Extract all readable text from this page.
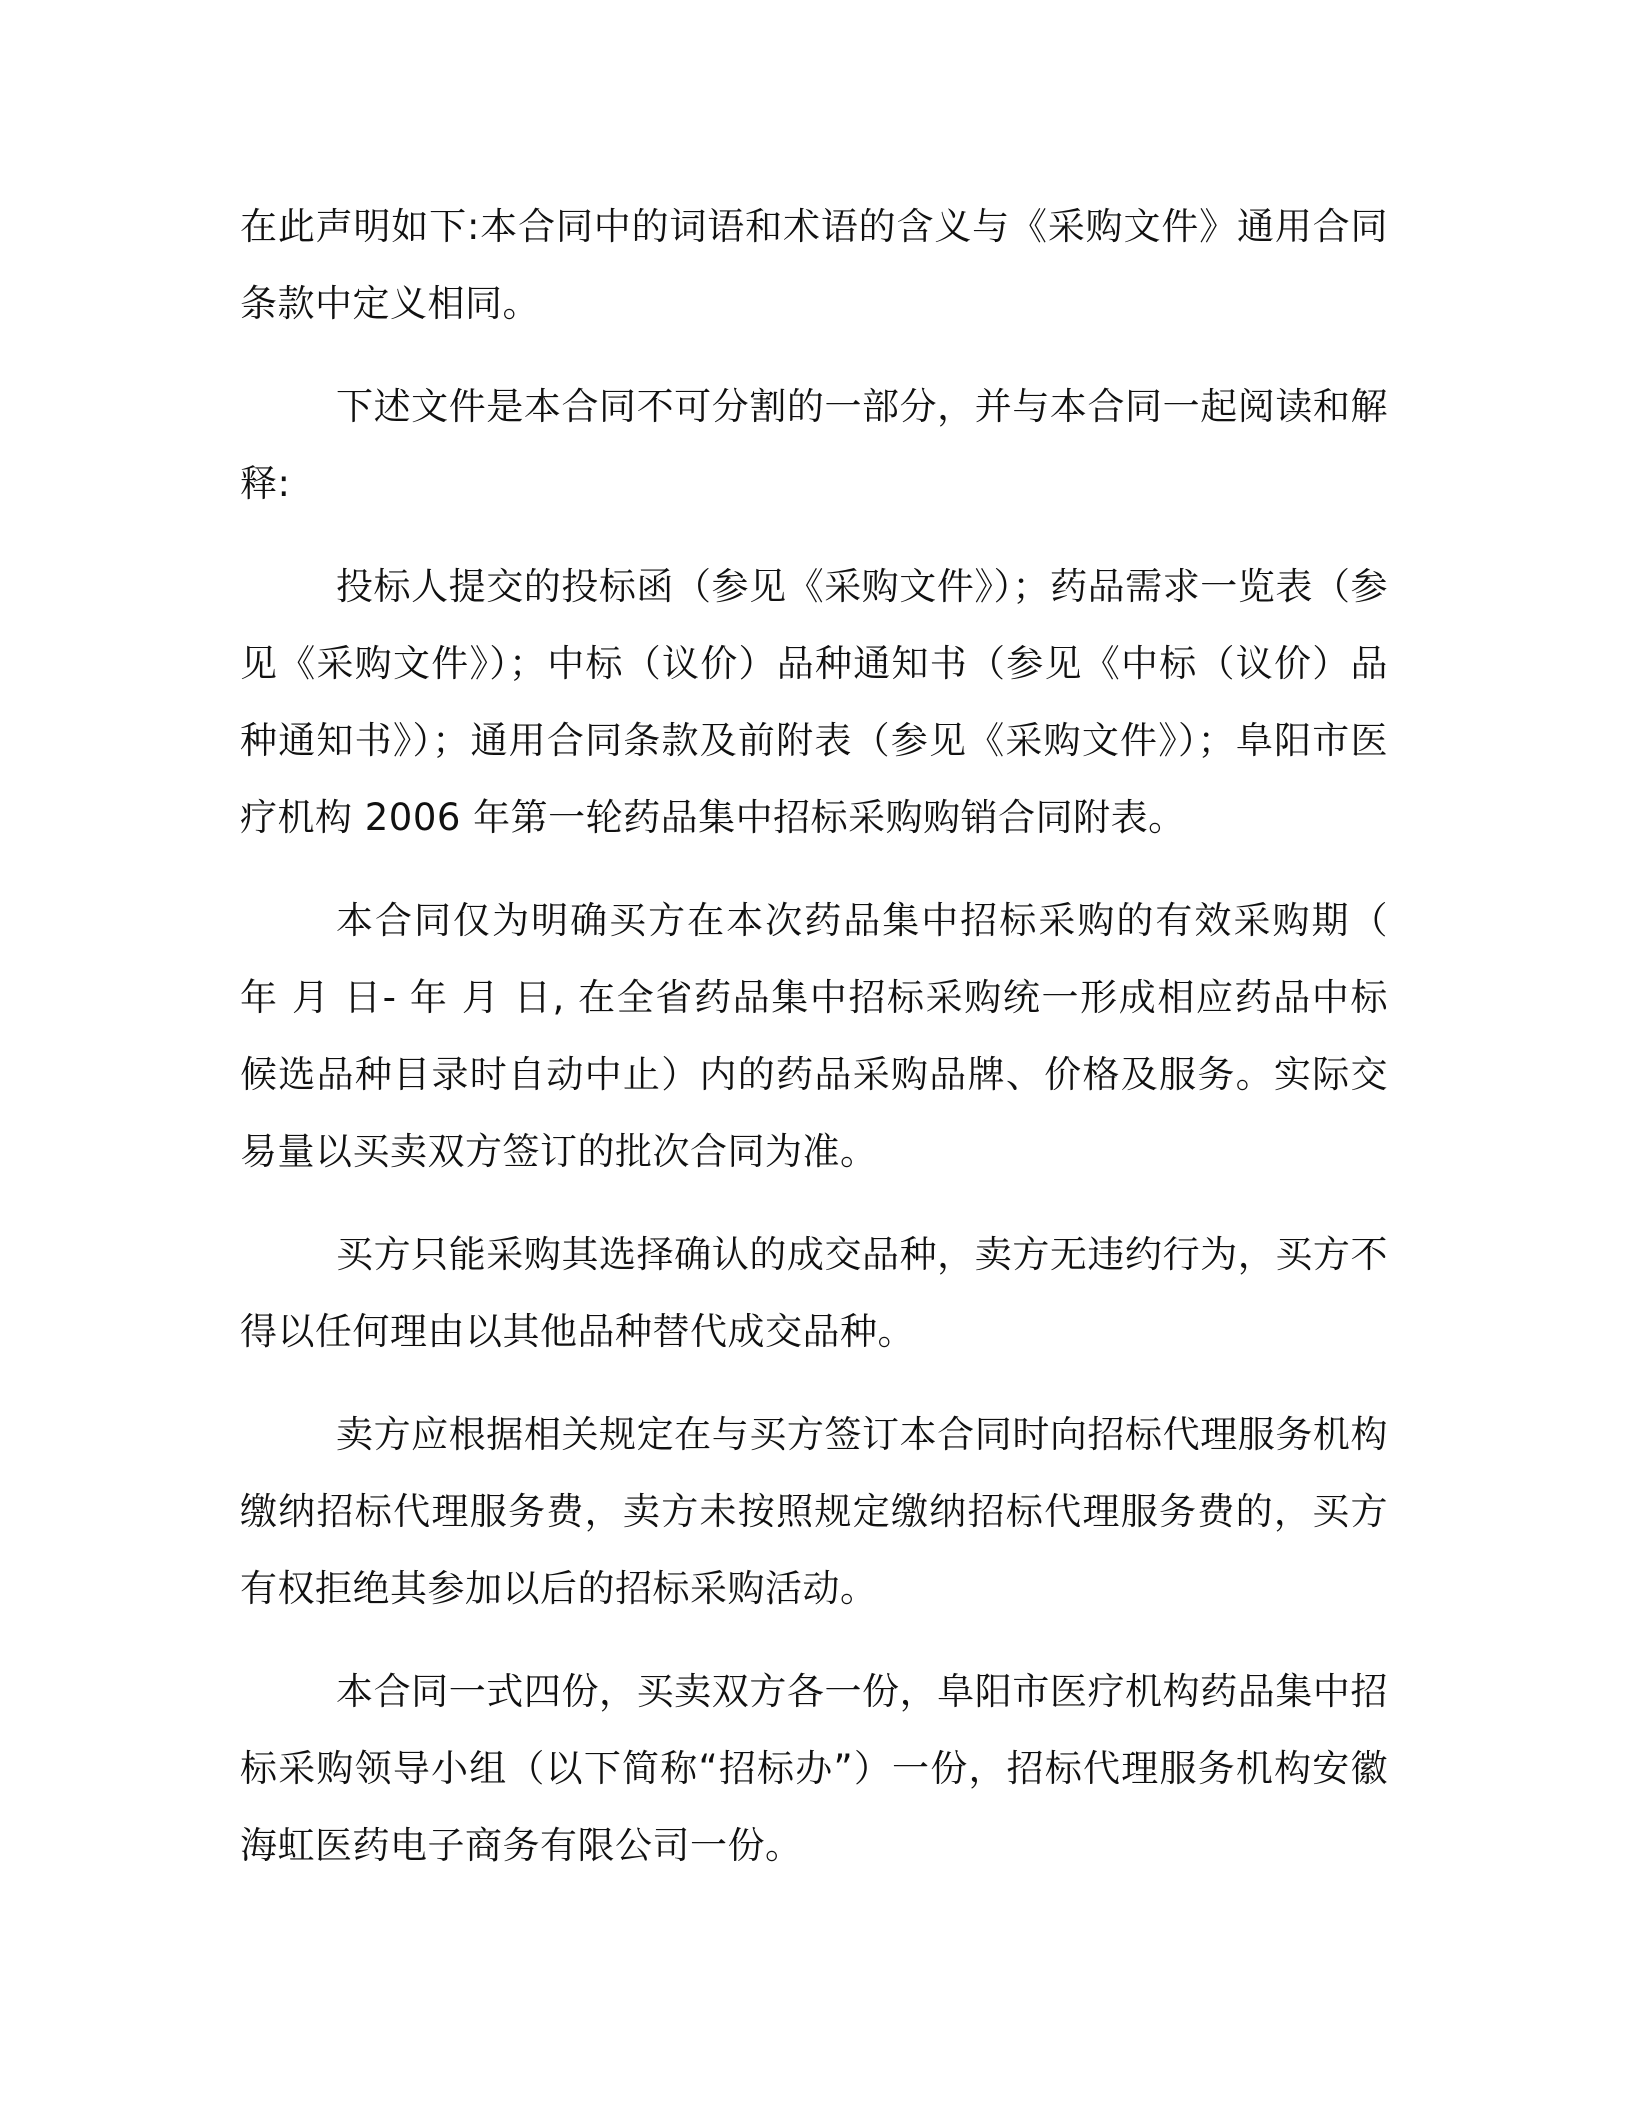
在此声明如下:本合同中的词语和术语的含义与《采购文件》通用合同条款中定义相同。

下述文件是本合同不可分割的一部分，并与本合同一起阅读和解释:

投标人提交的投标函（参见《采购文件》）；药品需求一览表（参见《采购文件》）；中标（议价）品种通知书（参见《中标（议价）品种通知书》）；通用合同条款及前附表（参见《采购文件》）；阜阳市医疗机构 2006 年第一轮药品集中招标采购购销合同附表。

本合同仅为明确买方在本次药品集中招标采购的有效采购期（ 年 月 日- 年 月 日, 在全省药品集中招标采购统一形成相应药品中标候选品种目录时自动中止）内的药品采购品牌、价格及服务。实际交易量以买卖双方签订的批次合同为准。

买方只能采购其选择确认的成交品种，卖方无违约行为，买方不得以任何理由以其他品种替代成交品种。

卖方应根据相关规定在与买方签订本合同时向招标代理服务机构缴纳招标代理服务费，卖方未按照规定缴纳招标代理服务费的，买方有权拒绝其参加以后的招标采购活动。

本合同一式四份，买卖双方各一份，阜阳市医疗机构药品集中招标采购领导小组（以下简称“招标办”）一份，招标代理服务机构安徽海虹医药电子商务有限公司一份。
